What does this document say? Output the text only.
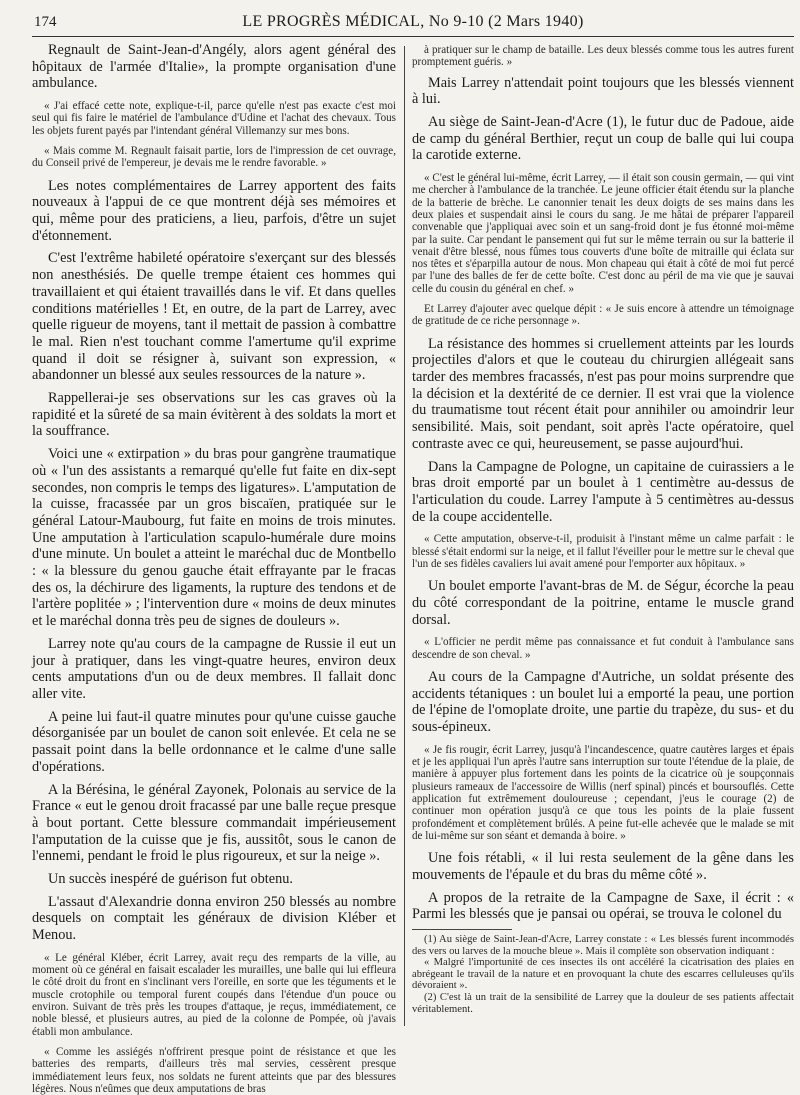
174	LE PROGRÈS MÉDICAL, No 9-10 (2 Mars 1940)

Regnault de Saint-Jean-d'Angély, alors agent général des hôpitaux de l'armée d'Italie», la prompte organisation d'une ambulance.

« J'ai effacé cette note, explique-t-il, parce qu'elle n'est pas exacte c'est moi seul qui fis faire le matériel de l'ambulance d'Udine et l'achat des chevaux. Tous les objets furent payés par l'intendant général Villemanzy sur mes bons.

« Mais comme M. Regnault faisait partie, lors de l'impression de cet ouvrage, du Conseil privé de l'empereur, je devais me le rendre favorable. »

Les notes complémentaires de Larrey apportent des faits nouveaux à l'appui de ce que montrent déjà ses mémoires et qui, même pour des praticiens, a lieu, parfois, d'être un sujet d'étonnement.

C'est l'extrême habileté opératoire s'exerçant sur des blessés non anesthésiés. De quelle trempe étaient ces hommes qui travaillaient et qui étaient travaillés dans le vif. Et dans quelles conditions matérielles ! Et, en outre, de la part de Larrey, avec quelle rigueur de moyens, tant il mettait de passion à combattre le mal. Rien n'est touchant comme l'amertume qu'il exprime quand il doit se résigner à, suivant son expression, « abandonner un blessé aux seules ressources de la nature ».

Rappellerai-je ses observations sur les cas graves où la rapidité et la sûreté de sa main évitèrent à des soldats la mort et la souffrance.

Voici une « extirpation » du bras pour gangrène traumatique où « l'un des assistants a remarqué qu'elle fut faite en dix-sept secondes, non compris le temps des ligatures». L'amputation de la cuisse, fracassée par un gros biscaïen, pratiquée sur le général Latour-Maubourg, fut faite en moins de trois minutes. Une amputation à l'articulation scapulo-humérale dure moins d'une minute. Un boulet a atteint le maréchal duc de Montbello : « la blessure du genou gauche était effrayante par le fracas des os, la déchirure des ligaments, la rupture des tendons et de l'artère poplitée » ; l'intervention dure « moins de deux minutes et le maréchal donna très peu de signes de douleurs ».

Larrey note qu'au cours de la campagne de Russie il eut un jour à pratiquer, dans les vingt-quatre heures, environ deux cents amputations d'un ou de deux membres. Il fallait donc aller vite.

A peine lui faut-il quatre minutes pour qu'une cuisse gauche désorganisée par un boulet de canon soit enlevée. Et cela ne se passait point dans la belle ordonnance et le calme d'une salle d'opérations.

A la Bérésina, le général Zayonek, Polonais au service de la France « eut le genou droit fracassé par une balle reçue presque à bout portant. Cette blessure commandait impérieusement l'amputation de la cuisse que je fis, aussitôt, sous le canon de l'ennemi, pendant le froid le plus rigoureux, et sur la neige ».

Un succès inespéré de guérison fut obtenu.

L'assaut d'Alexandrie donna environ 250 blessés au nombre desquels on comptait les généraux de division Kléber et Menou.

« Le général Kléber, écrit Larrey, avait reçu des remparts de la ville, au moment où ce général en faisait escalader les murailles, une balle qui lui effleura le côté droit du front en s'inclinant vers l'oreille, en sorte que les téguments et le muscle crotophile ou temporal furent coupés dans l'étendue d'un pouce ou environ. Suivant de très près les troupes d'attaque, je reçus, immédiatement, ce noble blessé, et plusieurs autres, au pied de la colonne de Pompée, où j'avais établi mon ambulance.

« Comme les assiégés n'offrirent presque point de résistance et que les batteries des remparts, d'ailleurs très mal servies, cessèrent presque immédiatement leurs feux, nos soldats ne furent atteints que par des blessures légères. Nous n'eûmes que deux amputations de bras

à pratiquer sur le champ de bataille. Les deux blessés comme tous les autres furent promptement guéris. »

Mais Larrey n'attendait point toujours que les blessés viennent à lui.

Au siège de Saint-Jean-d'Acre (1), le futur duc de Padoue, aide de camp du général Berthier, reçut un coup de balle qui lui coupa la carotide externe.

« C'est le général lui-même, écrit Larrey, — il était son cousin germain, — qui vint me chercher à l'ambulance de la tranchée. Le jeune officier était étendu sur la planche de la batterie de brèche. Le canonnier tenait les deux doigts de ses mains dans les deux plaies et suspendait ainsi le cours du sang. Je me hâtai de préparer l'appareil convenable que j'appliquai avec soin et un sang-froid dont je fus étonné moi-même par la suite. Car pendant le pansement qui fut sur le même terrain ou sur la batterie il venait d'être blessé, nous fûmes tous couverts d'une boîte de mitraille qui éclata sur nos têtes et s'éparpilla autour de nous. Mon chapeau qui était à côté de moi fut percé par l'une des balles de fer de cette boîte. C'est donc au péril de ma vie que je sauvai celle du cousin du général en chef. »

Et Larrey d'ajouter avec quelque dépit : « Je suis encore à attendre un témoignage de gratitude de ce riche personnage ».

La résistance des hommes si cruellement atteints par les lourds projectiles d'alors et que le couteau du chirurgien allégeait sans tarder des membres fracassés, n'est pas pour moins surprendre que la décision et la dextérité de ce dernier. Il est vrai que la violence du traumatisme tout récent était pour annihiler ou amoindrir leur sensibilité. Mais, soit pendant, soit après l'acte opératoire, quel contraste avec ce qui, heureusement, se passe aujourd'hui.

Dans la Campagne de Pologne, un capitaine de cuirassiers a le bras droit emporté par un boulet à 1 centimètre au-dessus de l'articulation du coude. Larrey l'ampute à 5 centimètres au-dessus de la coupe accidentelle.

« Cette amputation, observe-t-il, produisit à l'instant même un calme parfait : le blessé s'était endormi sur la neige, et il fallut l'éveiller pour le mettre sur le cheval que l'un de ses fidèles cavaliers lui avait amené pour l'emporter aux hôpitaux. »

Un boulet emporte l'avant-bras de M. de Ségur, écorche la peau du côté correspondant de la poitrine, entame le muscle grand dorsal.

« L'officier ne perdit même pas connaissance et fut conduit à l'ambulance sans descendre de son cheval. »

Au cours de la Campagne d'Autriche, un soldat présente des accidents tétaniques : un boulet lui a emporté la peau, une portion de l'épine de l'omoplate droite, une partie du trapèze, du sus- et du sous-épineux.

« Je fis rougir, écrit Larrey, jusqu'à l'incandescence, quatre cautères larges et épais et je les appliquai l'un après l'autre sans interruption sur toute l'étendue de la plaie, de manière à appuyer plus fortement dans les points de la cicatrice où je soupçonnais plusieurs rameaux de l'accessoire de Willis (nerf spinal) pincés et boursouflés. Cette application fut extrêmement douloureuse ; cependant, j'eus le courage (2) de continuer mon opération jusqu'à ce que tous les points de la plaie fussent profondément et complètement brûlés. A peine fut-elle achevée que le malade se mit de lui-même sur son séant et demanda à boire. »

Une fois rétabli, « il lui resta seulement de la gêne dans les mouvements de l'épaule et du bras du même côté ».

A propos de la retraite de la Campagne de Saxe, il écrit : « Parmi les blessés que je pansai ou opérai, se trouva le colonel du

(1) Au siège de Saint-Jean-d'Acre, Larrey constate : « Les blessés furent incommodés des vers ou larves de la mouche bleue ». Mais il complète son observation indiquant :

« Malgré l'importunité de ces insectes ils ont accéléré la cicatrisation des plaies en abrégeant le travail de la nature et en provoquant la chute des escarres celluleuses qu'ils dévoraient ».

(2) C'est là un trait de la sensibilité de Larrey que la douleur de ses patients affectait véritablement.
